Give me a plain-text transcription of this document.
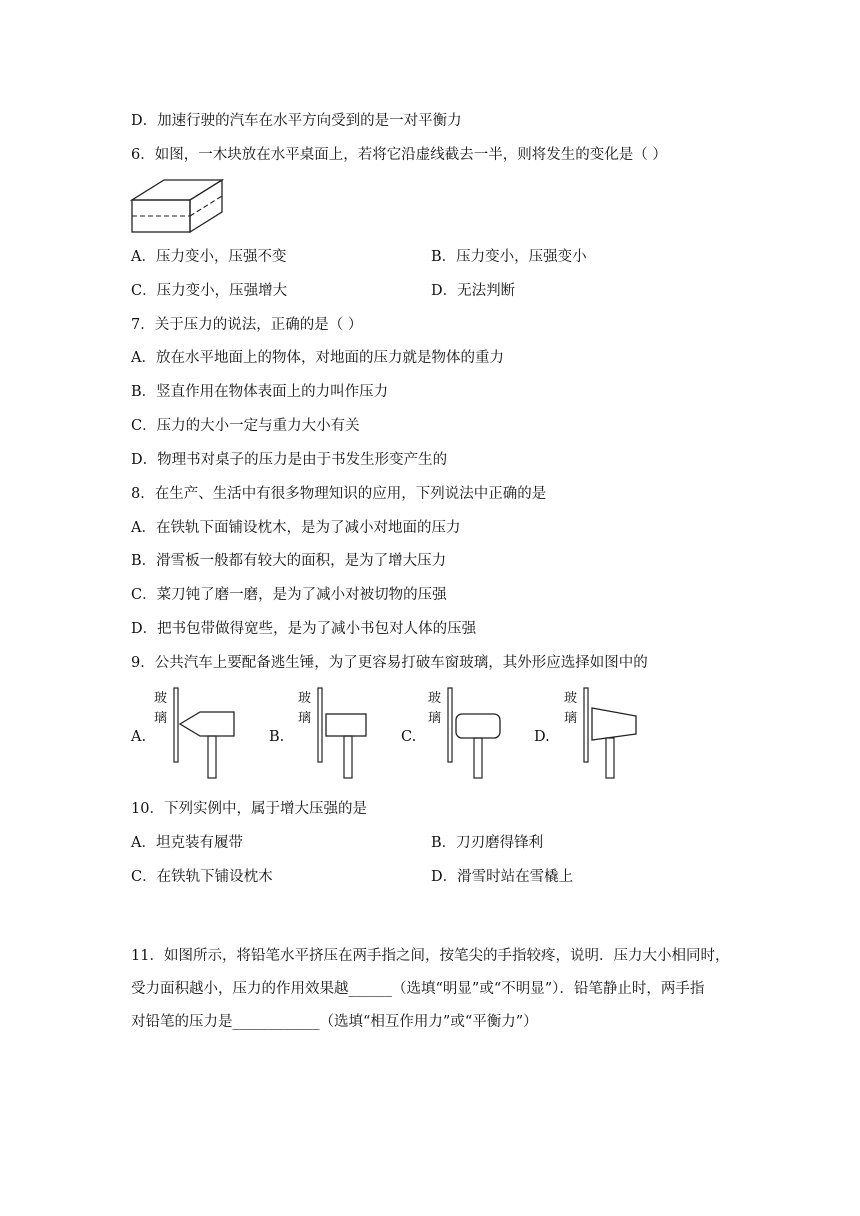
D．加速行驶的汽车在水平方向受到的是一对平衡力
6．如图，一木块放在水平桌面上，若将它沿虚线截去一半，则将发生的变化是（ ）
A．压力变小，压强不变	B．压力变小，压强变小
C．压力变小，压强增大	D．无法判断
7．关于压力的说法，正确的是（ ）
A．放在水平地面上的物体，对地面的压力就是物体的重力
B．竖直作用在物体表面上的力叫作压力
C．压力的大小一定与重力大小有关
D．物理书对桌子的压力是由于书发生形变产生的
8．在生产、生活中有很多物理知识的应用，下列说法中正确的是
A．在铁轨下面铺设枕木，是为了减小对地面的压力
B．滑雪板一般都有较大的面积，是为了增大压力
C．菜刀钝了磨一磨，是为了减小对被切物的压强
D．把书包带做得宽些，是为了减小书包对人体的压强
9．公共汽车上要配备逃生锤，为了更容易打破车窗玻璃，其外形应选择如图中的
A.
玻
璃
B.
玻
璃
C.
玻
璃
D.
玻
璃
10．下列实例中，属于增大压强的是
A．坦克装有履带	B．刀刃磨得锋利
C．在铁轨下铺设枕木	D．滑雪时站在雪橇上
11．如图所示，将铅笔水平挤压在两手指之间，按笔尖的手指较疼，说明．压力大小相同时，
受力面积越小，压力的作用效果越______（选填“明显”或“不明显”）．铅笔静止时，两手指
对铅笔的压力是____________（选填“相互作用力”或“平衡力”）
